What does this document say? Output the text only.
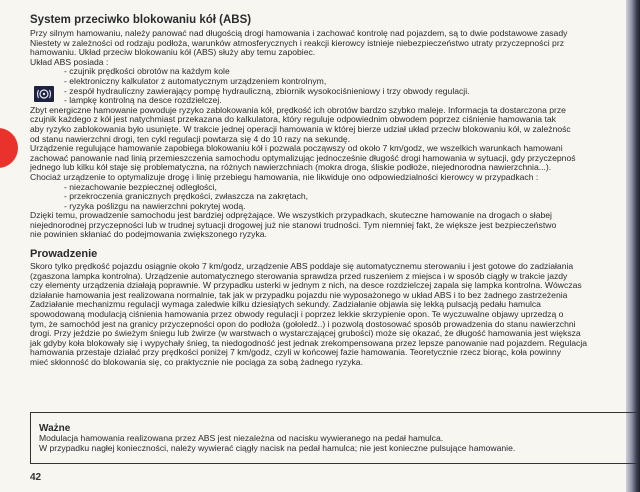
System przeciwko blokowaniu kół (ABS)

Przy silnym hamowaniu, należy panować nad długością drogi hamowania i zachować kontrolę nad pojazdem, są to dwie podstawowe zasady

Niestety w zależności od rodzaju podłoża, warunków atmosferycznych i reakcji kierowcy istnieje niebezpieczeństwo utraty przyczepności prz

hamowaniu. Układ przeciw blokowaniu kół (ABS) służy aby temu zapobiec.

Układ ABS posiada :

- czujnik prędkości obrotów na każdym kole

- elektroniczny kalkulator z automatycznym urządzeniem kontrolnym,

- zespół hydrauliczny zawierający pompę hydrauliczną, zbiornik wysokociśnieniowy i trzy obwody regulacji.

- lampkę kontrolną na desce rozdzielczej.

Zbyt energiczne hamowanie powoduje ryzyko zablokowania kół, prędkość ich obrotów bardzo szybko maleje. Informacja ta dostarczona prze

czujnik każdego z kół jest natychmiast przekazana do kalkulatora, który reguluje odpowiednim obwodem poprzez ciśnienie hamowania tak

aby ryzyko zablokowania było usunięte. W trakcie jednej operacji hamowania w której bierze udział układ przeciw blokowaniu kół, w zależnośc

od stanu nawierzchni drogi, ten cykl regulacji powtarza się 4 do 10 razy na sekundę.

Urządzenie regulujące hamowanie zapobiega blokowaniu kół i pozwala począwszy od około 7 km/godz, we wszelkich warunkach hamowani

zachować panowanie nad linią przemieszczenia samochodu optymalizując jednocześnie długość drogi hamowania w sytuacji, gdy przyczepnoś

jednego lub kilku kół staje się problematyczna, na różnych nawierzchniach (mokra droga, śliskie podłoże, niejednorodna nawierzchnia...).

Chociaż urządzenie to optymalizuje drogę i linię przebiegu hamowania, nie likwiduje ono odpowiedzialności kierowcy w przypadkach :

- niezachowanie bezpiecznej odległości,

- przekroczenia granicznych prędkości, zwłaszcza na zakrętach,

- ryzyka poślizgu na nawierzchni pokrytej wodą.

Dzięki temu, prowadzenie samochodu jest bardziej odprężające. We wszystkich przypadkach, skuteczne hamowanie na drogach o słabej

niejednorodnej przyczepności lub w trudnej sytuacji drogowej już nie stanowi trudności. Tym niemniej fakt, że większe jest bezpieczeństwo

nie powinien skłaniać do podejmowania zwiększonego ryzyka.

Prowadzenie

Skoro tylko prędkość pojazdu osiągnie około 7 km/godz, urządzenie ABS poddaje się automatycznemu sterowaniu i jest gotowe do zadziałania

(zgaszona lampka kontrolna). Urządzenie automatycznego sterowania sprawdza przed ruszeniem z miejsca i w sposób ciągły w trakcie jazdy

czy elementy urządzenia działają poprawnie. W przypadku usterki w jednym z nich, na desce rozdzielczej zapala się lampka kontrolna. Wówczas

działanie hamowania jest realizowana normalnie, tak jak w przypadku pojazdu nie wyposażonego w układ ABS i to bez żadnego zastrzeżenia

Zadziałanie mechanizmu regulacji wymaga zaledwie kilku dziesiątych sekundy. Zadziałanie objawia się lekką pulsacją pedału hamulca

spowodowaną modulacją ciśnienia hamowania przez obwody regulacji i poprzez lekkie skrzypienie opon. Te wyczuwalne objawy uprzedzą o

tym, że samochód jest na granicy przyczepności opon do podłoża (gołoledź..) i pozwolą dostosować sposób prowadzenia do stanu nawierzchni

drogi. Przy jeździe po świeżym śniegu lub żwirze (w warstwach o wystarczającej grubości) może się okazać, że długość hamowania jest większa

jak gdyby koła blokowały się i wypychały śnieg, ta niedogodność jest jednak zrekompensowana przez lepsze panowanie nad pojazdem. Regulacja

hamowania przestaje działać przy prędkości poniżej 7 km/godz, czyli w końcowej fazie hamowania. Teoretycznie rzecz biorąc, koła powinny

mieć skłonność do blokowania się, co praktycznie nie pociąga za sobą żadnego ryzyka.

Ważne

Modulacja hamowania realizowana przez ABS jest niezależna od nacisku wywieranego na pedał hamulca.

W przypadku nagłej konieczności, należy wywierać ciągły nacisk na pedał hamulca; nie jest konieczne pulsujące hamowanie.

42
